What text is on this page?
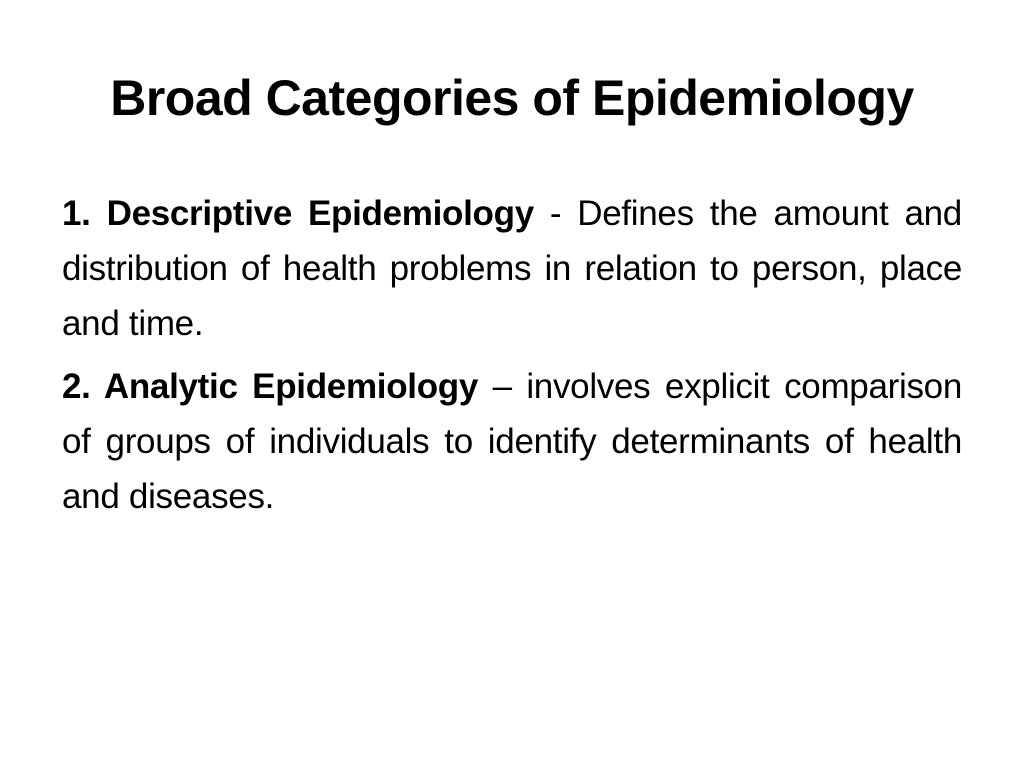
Broad Categories of Epidemiology

1. Descriptive Epidemiology - Defines the amount and distribution of health problems in relation to person, place and time.

2. Analytic Epidemiology – involves explicit comparison of groups of individuals to identify determinants of health and diseases.
